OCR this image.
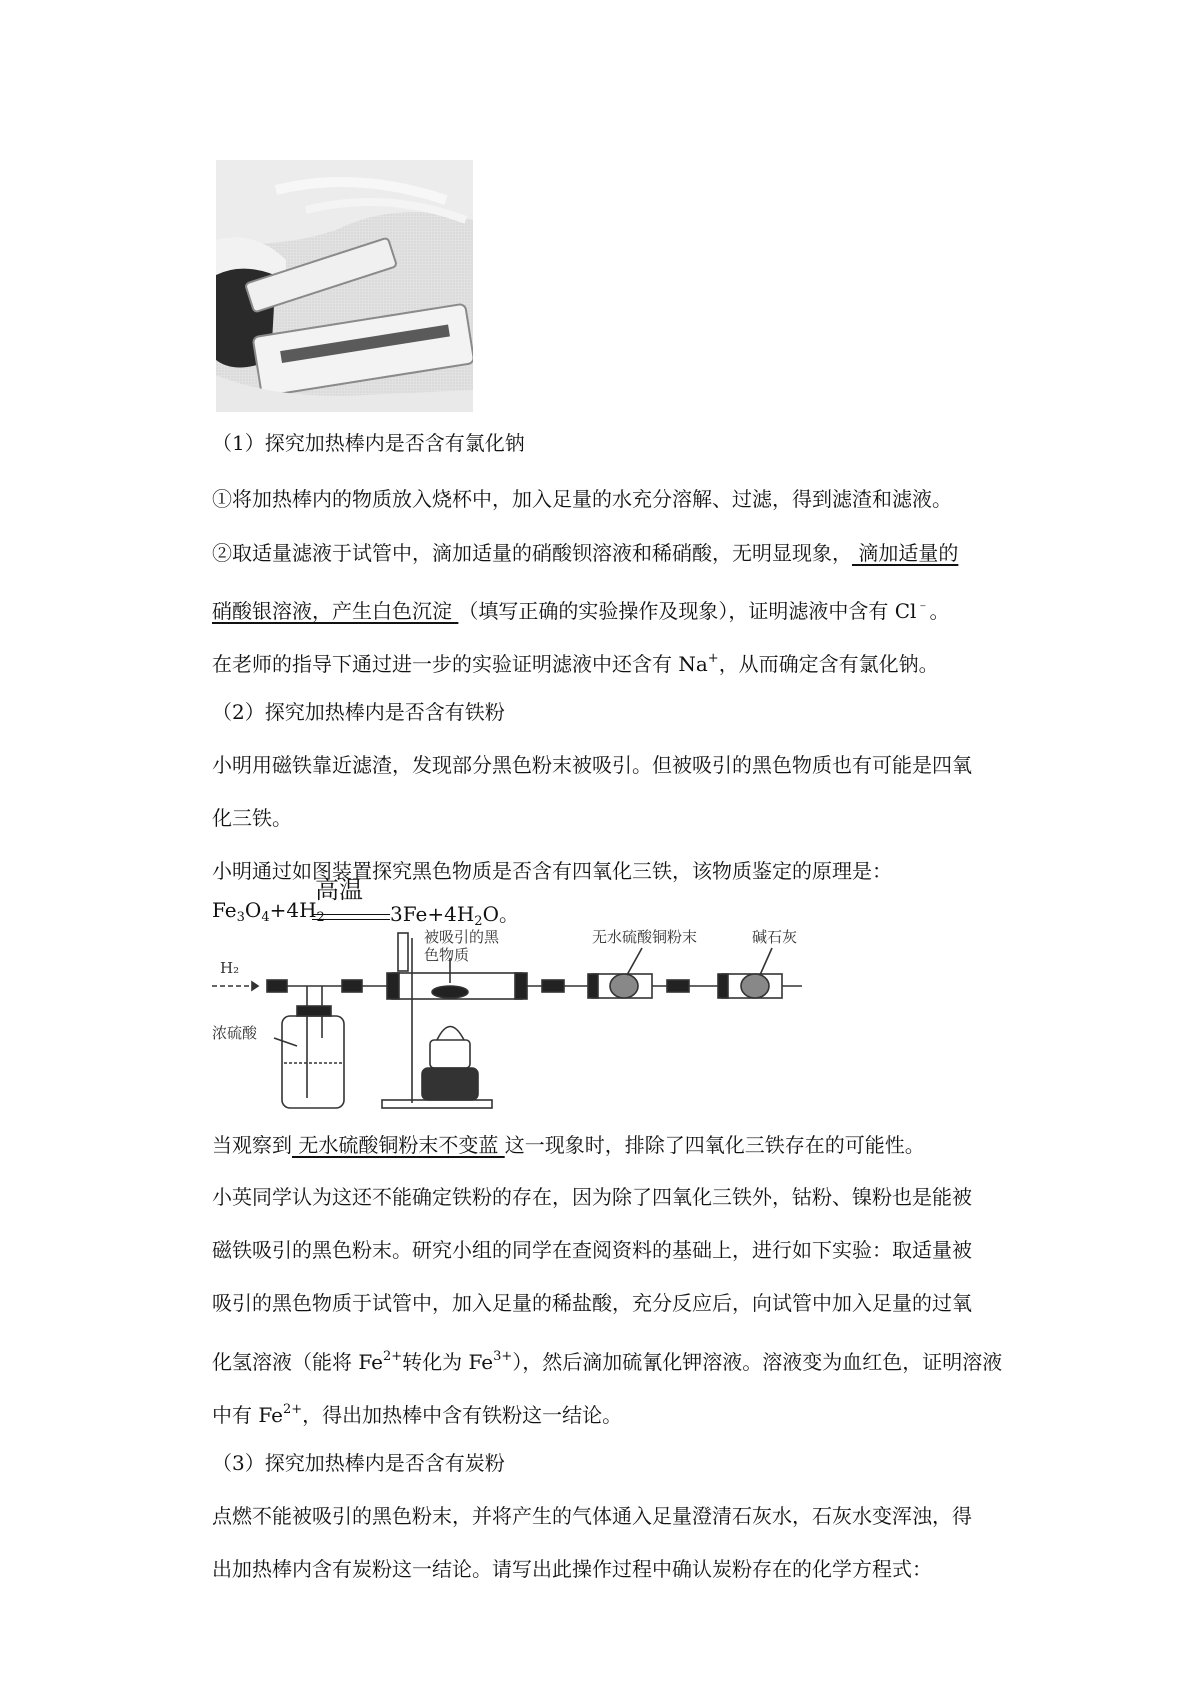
（1）探究加热棒内是否含有氯化钠
①将加热棒内的物质放入烧杯中，加入足量的水充分溶解、过滤，得到滤渣和滤液。
②取适量滤液于试管中，滴加适量的硝酸钡溶液和稀硝酸，无明显现象， 滴加适量的
硝酸银溶液，产生白色沉淀 （填写正确的实验操作及现象），证明滤液中含有 Cl﹣。
在老师的指导下通过进一步的实验证明滤液中还含有 Na+，从而确定含有氯化钠。
（2）探究加热棒内是否含有铁粉
小明用磁铁靠近滤渣，发现部分黑色粉末被吸引。但被吸引的黑色物质也有可能是四氧
化三铁。
小明通过如图装置探究黑色物质是否含有四氧化三铁，该物质鉴定的原理是：
高温
$Fe_3O_4+4H_2$	$3Fe+4H_2O$。
H₂
浓硫酸
被吸引的黑
色物质
无水硫酸铜粉末	碱石灰
当观察到 无水硫酸铜粉末不变蓝 这一现象时，排除了四氧化三铁存在的可能性。
小英同学认为这还不能确定铁粉的存在，因为除了四氧化三铁外，钴粉、镍粉也是能被
磁铁吸引的黑色粉末。研究小组的同学在查阅资料的基础上，进行如下实验：取适量被
吸引的黑色物质于试管中，加入足量的稀盐酸，充分反应后，向试管中加入足量的过氧
化氢溶液（能将 $Fe^{2+}$转化为 $Fe^{3+}$），然后滴加硫氰化钾溶液。溶液变为血红色，证明溶液
中有 $Fe^{2+}$，得出加热棒中含有铁粉这一结论。
（3）探究加热棒内是否含有炭粉
点燃不能被吸引的黑色粉末，并将产生的气体通入足量澄清石灰水，石灰水变浑浊，得
出加热棒内含有炭粉这一结论。请写出此操作过程中确认炭粉存在的化学方程式：
